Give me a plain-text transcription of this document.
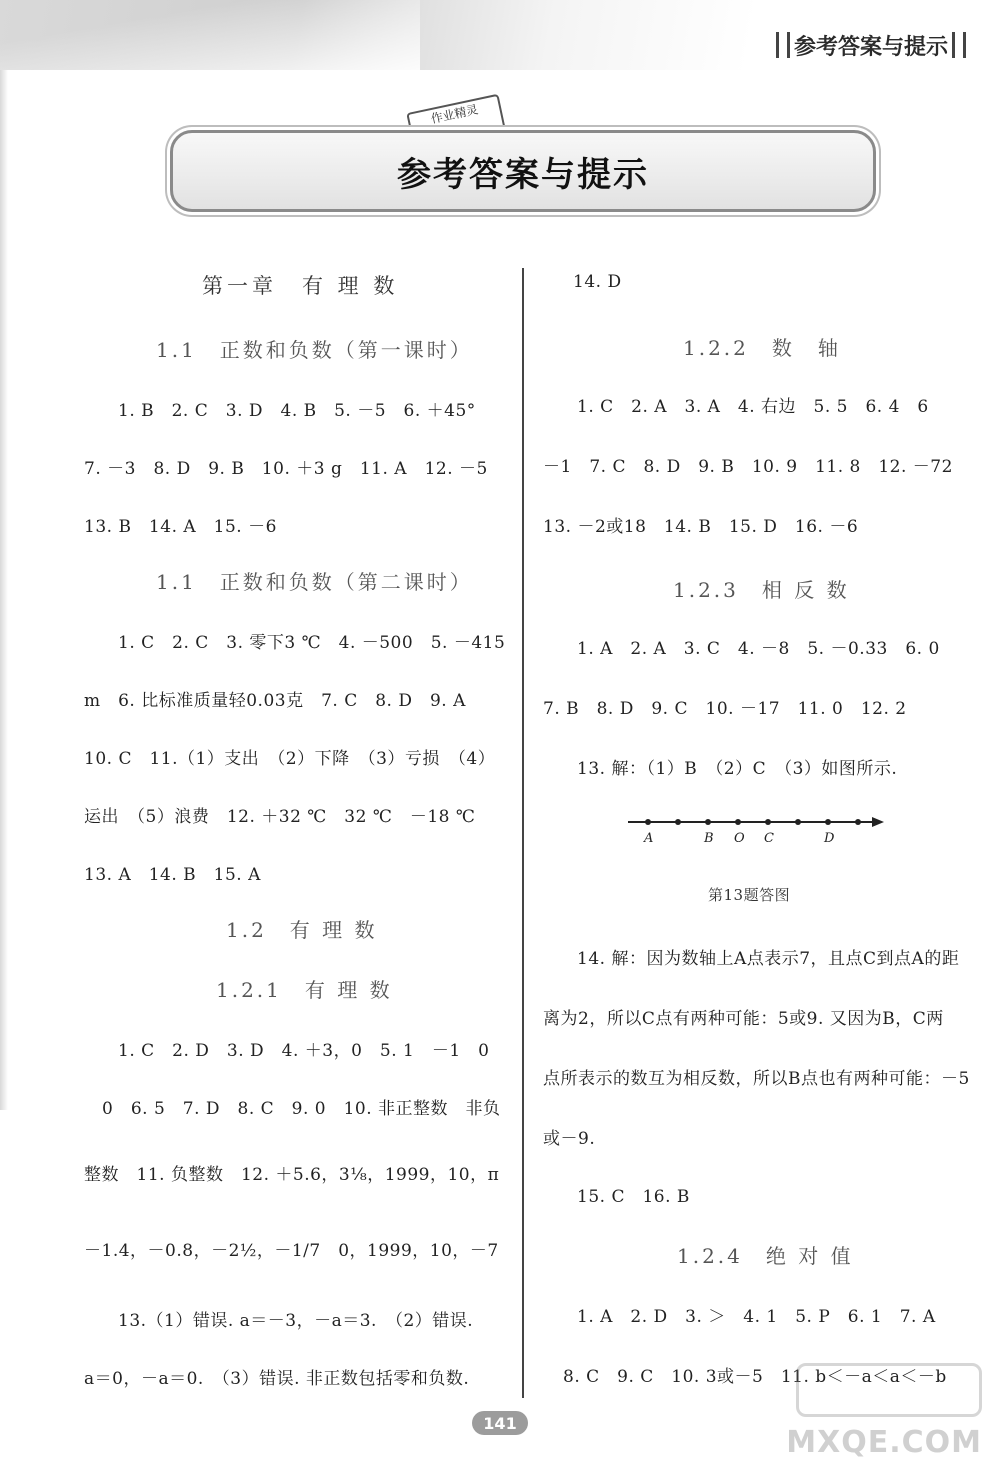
参考答案与提示
作业精灵
参考答案与提示
第一章　有 理 数
1.1　正数和负数（第一课时）
1. B　2. C　3. D　4. B　5. －5　6. ＋45°
7. －3　8. D　9. B　10. ＋3 g　11. A　12. －5
13. B　14. A　15. －6
1.1　正数和负数（第二课时）
1. C　2. C　3. 零下3 ℃　4. －500　5. －415
m　6. 比标准质量轻0.03克　7. C　8. D　9. A
10. C　11.（1）支出　（2）下降　（3）亏损　（4）
运出　（5）浪费　12. ＋32 ℃　32 ℃　－18 ℃
13. A　14. B　15. A
1.2　有 理 数
1.2.1　有 理 数
1. C　2. D　3. D　4. ＋3，0　5. 1　－1　0
0　6. 5　7. D　8. C　9. 0　10. 非正整数　非负
整数　11. 负整数　12. ＋5.6，3⅛，1999，10，π
－1.4，－0.8，－2½，－1/7　0，1999，10，－7
13.（1）错误. a＝－3，－a＝3.　（2）错误.
a＝0，－a＝0.　（3）错误. 非正数包括零和负数.
14. D
1.2.2　数　轴
1. C　2. A　3. A　4. 右边　5. 5　6. 4　6
－1　7. C　8. D　9. B　10. 9　11. 8　12. －72
13. －2或18　14. B　15. D　16. －6
1.2.3　相 反 数
1. A　2. A　3. C　4. －8　5. －0.33　6. 0
7. B　8. D　9. C　10. －17　11. 0　12. 2
13. 解：（1）B　（2）C　（3）如图所示.
A	B O C	D
第13题答图
14. 解：因为数轴上A点表示7，且点C到点A的距
离为2，所以C点有两种可能：5或9. 又因为B，C两
点所表示的数互为相反数，所以B点也有两种可能：－5
或－9.
15. C　16. B
1.2.4　绝 对 值
1. A　2. D　3. ＞　4. 1　5. P　6. 1　7. A
8. C　9. C　10. 3或－5　11. b＜－a＜a＜－b
141
MXQE.COM
